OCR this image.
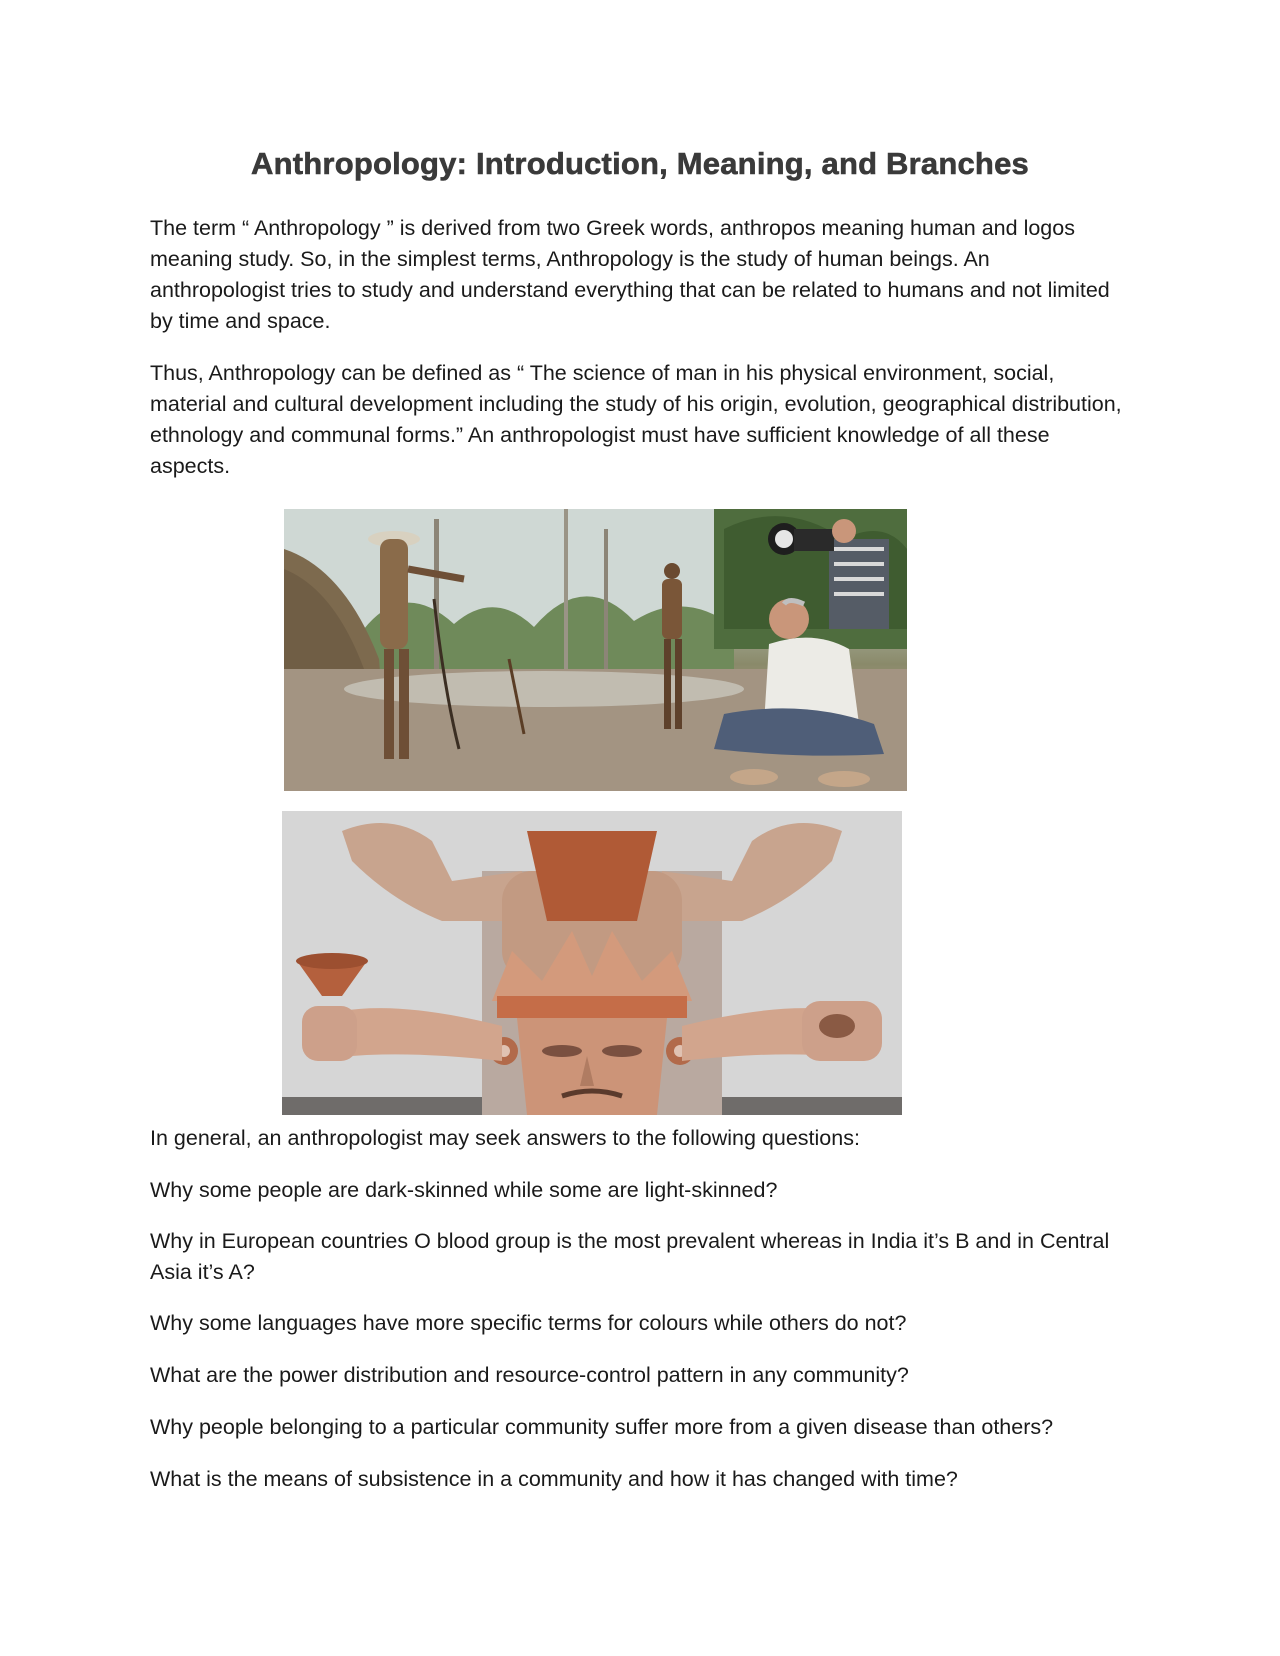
Anthropology: Introduction, Meaning, and Branches

The term “ Anthropology ” is derived from two Greek words, anthropos meaning human and logos meaning study. So, in the simplest terms, Anthropology is the study of human beings. An anthropologist tries to study and understand everything that can be related to humans and not limited by time and space.

Thus, Anthropology can be defined as “ The science of man in his physical environment, social, material and cultural development including the study of his origin, evolution, geographical distribution, ethnology and communal forms.” An anthropologist must have sufficient knowledge of all these aspects.

In general, an anthropologist may seek answers to the following questions:

Why some people are dark-skinned while some are light-skinned?

Why in European countries O blood group is the most prevalent whereas in India it’s B and in Central Asia it’s A?

Why some languages have more specific terms for colours while others do not?

What are the power distribution and resource-control pattern in any community?

Why people belonging to a particular community suffer more from a given disease than others?

What is the means of subsistence in a community and how it has changed with time?
